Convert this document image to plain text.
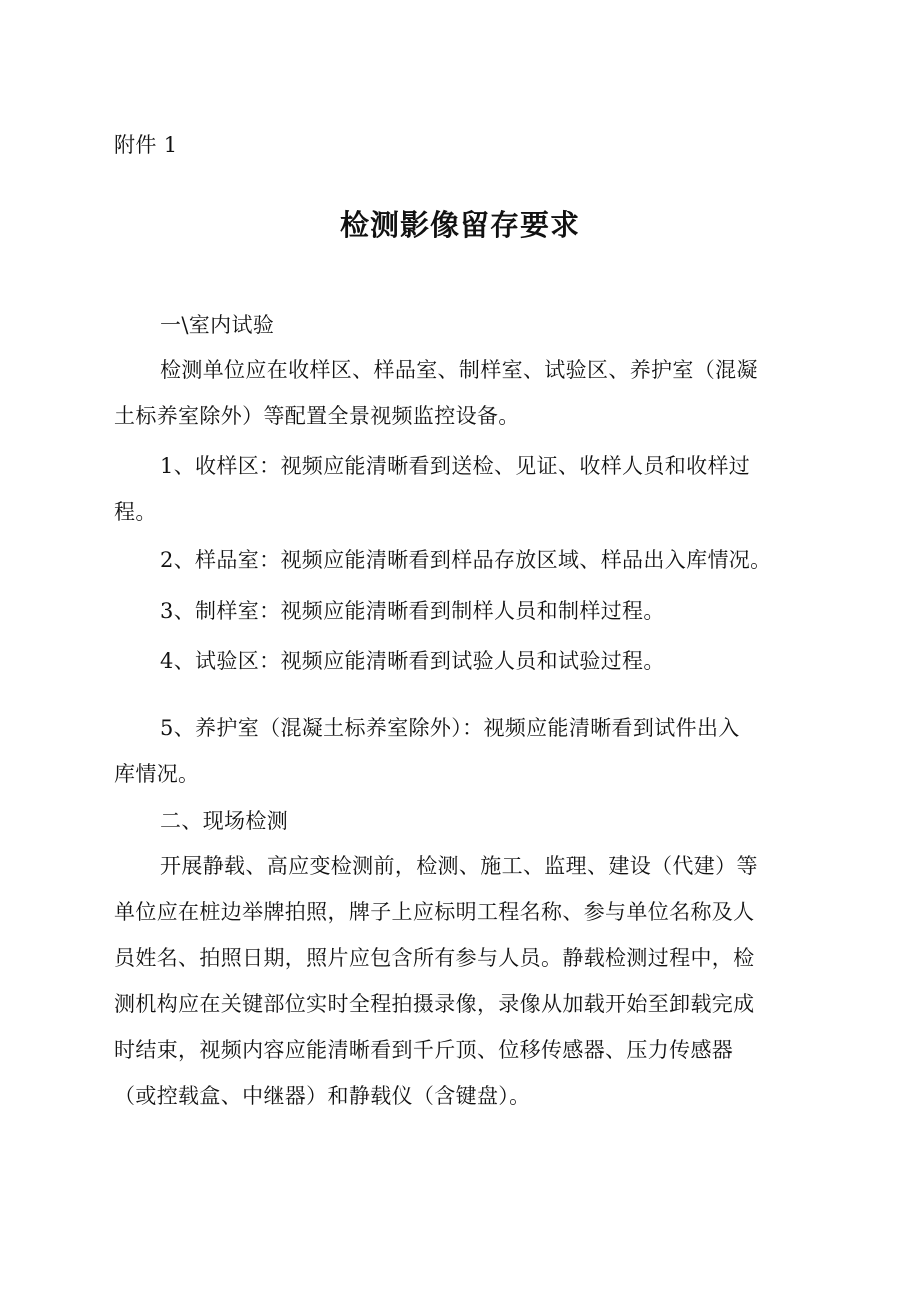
附件 1
检测影像留存要求
一\室内试验
检测单位应在收样区、样品室、制样室、试验区、养护室（混凝
土标养室除外）等配置全景视频监控设备。
1、收样区：视频应能清晰看到送检、见证、收样人员和收样过
程。
2、样品室：视频应能清晰看到样品存放区域、样品出入库情况。
3、制样室：视频应能清晰看到制样人员和制样过程。
4、试验区：视频应能清晰看到试验人员和试验过程。
5、养护室（混凝土标养室除外）：视频应能清晰看到试件出入
库情况。
二、现场检测
开展静载、高应变检测前，检测、施工、监理、建设（代建）等
单位应在桩边举牌拍照，牌子上应标明工程名称、参与单位名称及人
员姓名、拍照日期，照片应包含所有参与人员。静载检测过程中，检
测机构应在关键部位实时全程拍摄录像，录像从加载开始至卸载完成
时结束，视频内容应能清晰看到千斤顶、位移传感器、压力传感器
（或控载盒、中继器）和静载仪（含键盘）。
